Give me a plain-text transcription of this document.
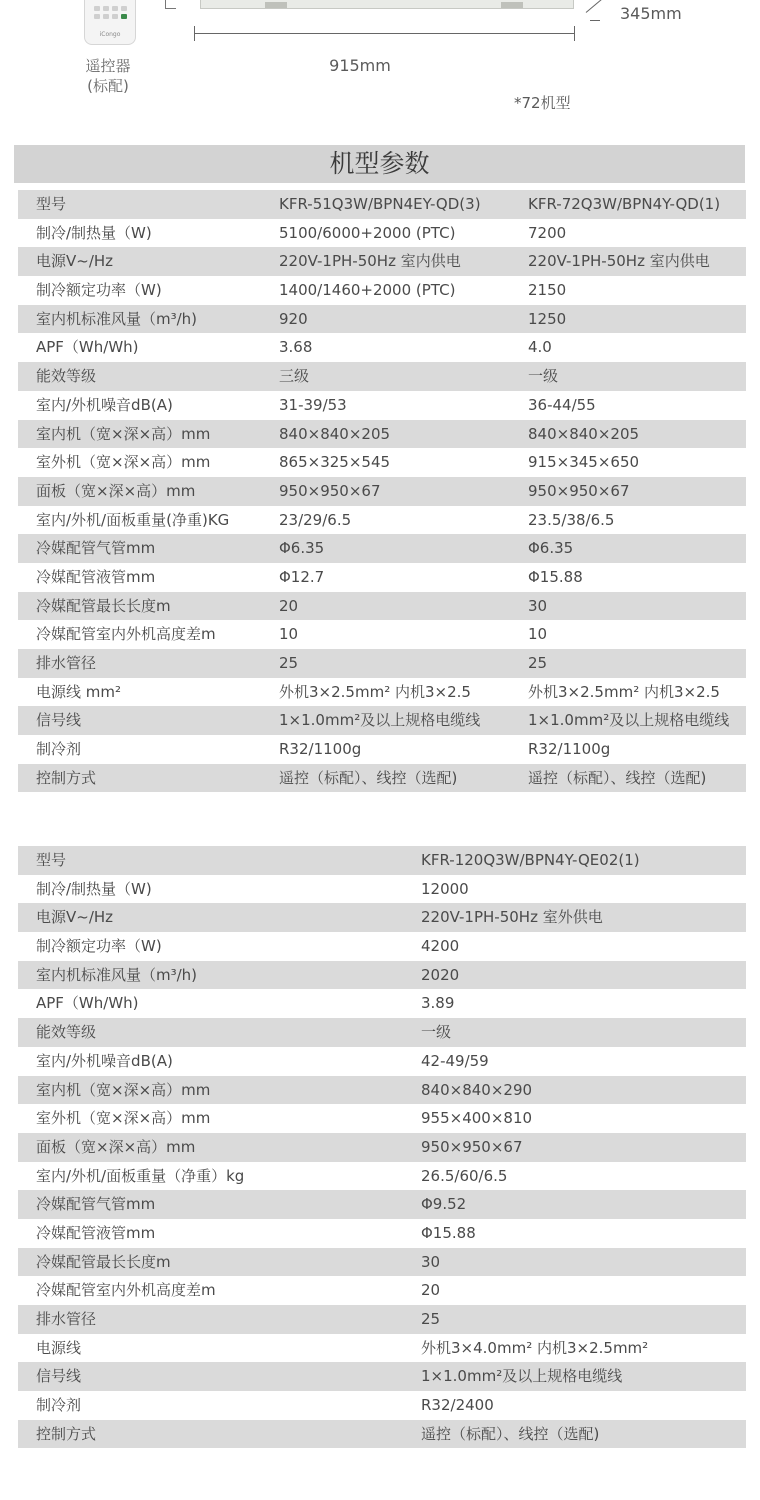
iCongo
遥控器
(标配)
915mm
345mm
*72机型
机型参数
型号	KFR-51Q3W/BPN4EY-QD(3)	KFR-72Q3W/BPN4Y-QD(1)
制冷/制热量（W)	5100/6000+2000 (PTC)	7200
电源V~/Hz	220V-1PH-50Hz 室内供电	220V-1PH-50Hz 室内供电
制冷额定功率（W)	1400/1460+2000 (PTC)	2150
室内机标准风量（m³/h)	920	1250
APF（Wh/Wh)	3.68	4.0
能效等级	三级	一级
室内/外机噪音dB(A)	31-39/53	36-44/55
室内机（宽×深×高）mm	840×840×205	840×840×205
室外机（宽×深×高）mm	865×325×545	915×345×650
面板（宽×深×高）mm	950×950×67	950×950×67
室内/外机/面板重量(净重)KG	23/29/6.5	23.5/38/6.5
冷媒配管气管mm	Φ6.35	Φ6.35
冷媒配管液管mm	Φ12.7	Φ15.88
冷媒配管最长长度m	20	30
冷媒配管室内外机高度差m	10	10
排水管径	25	25
电源线 mm²	外机3×2.5mm² 内机3×2.5	外机3×2.5mm² 内机3×2.5
信号线	1×1.0mm²及以上规格电缆线	1×1.0mm²及以上规格电缆线
制冷剂	R32/1100g	R32/1100g
控制方式	遥控（标配）、线控（选配)	遥控（标配）、线控（选配)
型号	KFR-120Q3W/BPN4Y-QE02(1)
制冷/制热量（W)	12000
电源V~/Hz	220V-1PH-50Hz 室外供电
制冷额定功率（W)	4200
室内机标准风量（m³/h)	2020
APF（Wh/Wh)	3.89
能效等级	一级
室内/外机噪音dB(A)	42-49/59
室内机（宽×深×高）mm	840×840×290
室外机（宽×深×高）mm	955×400×810
面板（宽×深×高）mm	950×950×67
室内/外机/面板重量（净重）kg	26.5/60/6.5
冷媒配管气管mm	Φ9.52
冷媒配管液管mm	Φ15.88
冷媒配管最长长度m	30
冷媒配管室内外机高度差m	20
排水管径	25
电源线	外机3×4.0mm² 内机3×2.5mm²
信号线	1×1.0mm²及以上规格电缆线
制冷剂	R32/2400
控制方式	遥控（标配）、线控（选配)
